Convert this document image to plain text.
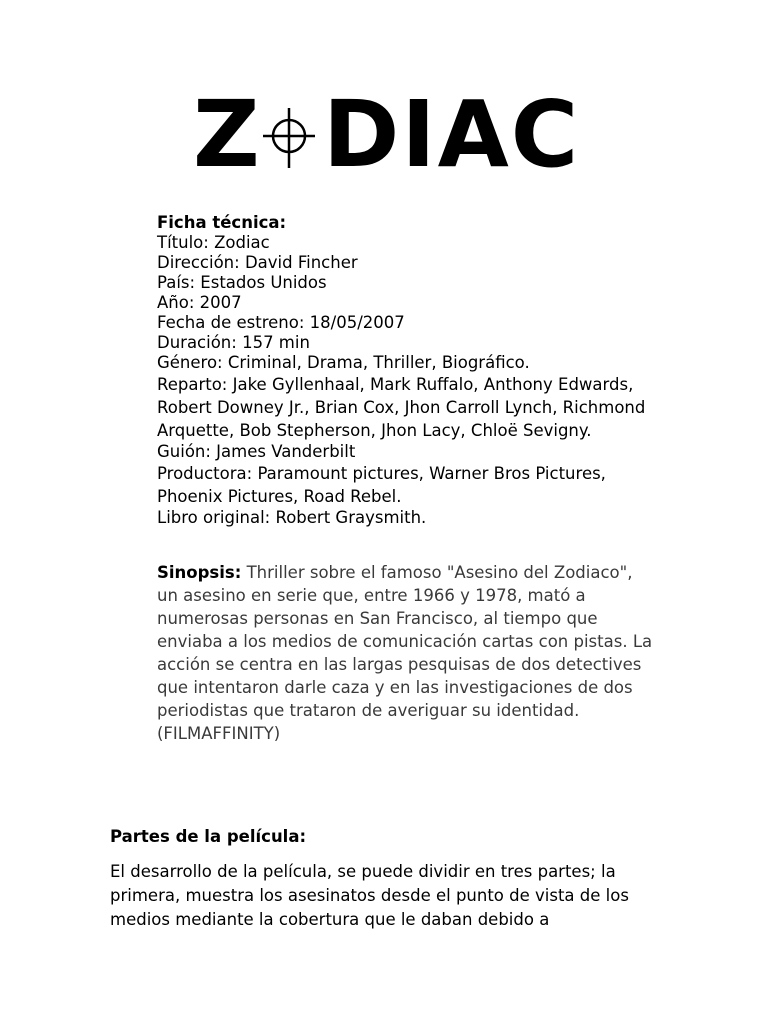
Z DIAC
Ficha técnica:
Título: Zodiac
Dirección: David Fincher
País: Estados Unidos
Año: 2007
Fecha de estreno: 18/05/2007
Duración: 157 min
Género: Criminal, Drama, Thriller, Biográfico.
Reparto: Jake Gyllenhaal, Mark Ruffalo, Anthony Edwards, Robert Downey Jr., Brian Cox, Jhon Carroll Lynch, Richmond Arquette, Bob Stepherson, Jhon Lacy, Chloë Sevigny.
Guión: James Vanderbilt
Productora: Paramount pictures, Warner Bros Pictures, Phoenix Pictures, Road Rebel.
Libro original: Robert Graysmith.
Sinopsis: Thriller sobre el famoso "Asesino del Zodiaco", un asesino en serie que, entre 1966 y 1978, mató a numerosas personas en San Francisco, al tiempo que enviaba a los medios de comunicación cartas con pistas. La acción se centra en las largas pesquisas de dos detectives que intentaron darle caza y en las investigaciones de dos periodistas que trataron de averiguar su identidad. (FILMAFFINITY)
Partes de la película:
El desarrollo de la película, se puede dividir en tres partes; la primera, muestra los asesinatos desde el punto de vista de los medios mediante la cobertura que le daban debido a
